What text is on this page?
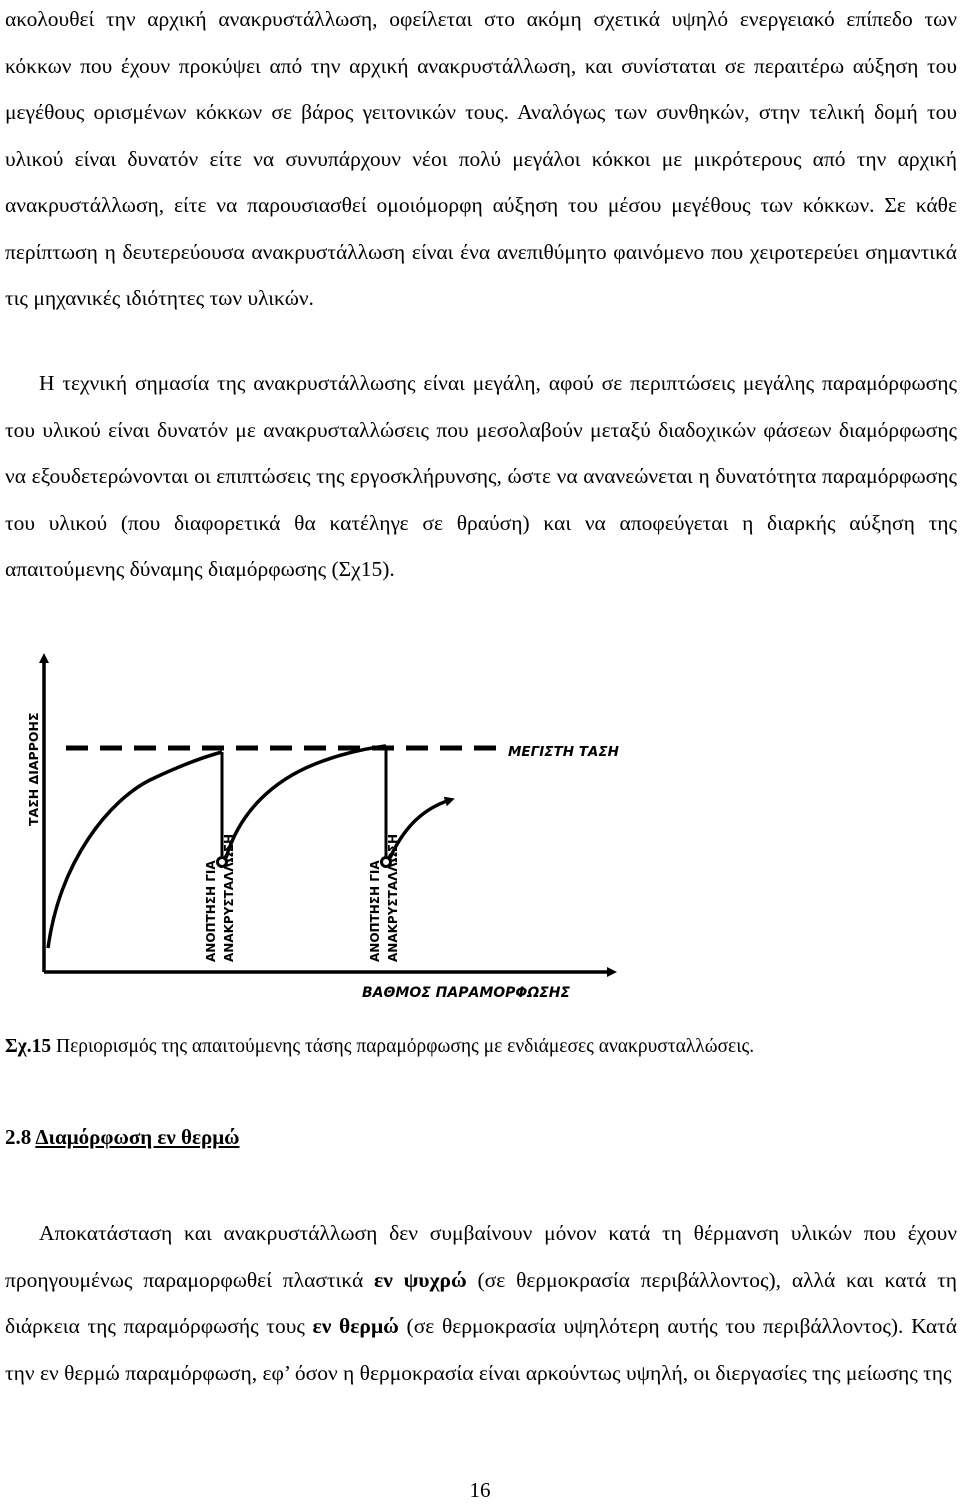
ακολουθεί την αρχική ανακρυστάλλωση, οφείλεται στο ακόμη σχετικά υψηλό ενεργειακό επίπεδο των κόκκων που έχουν προκύψει από την αρχική ανακρυστάλλωση, και συνίσταται σε περαιτέρω αύξηση του μεγέθους ορισμένων κόκκων σε βάρος γειτονικών τους. Αναλόγως των συνθηκών, στην τελική δομή του υλικού είναι δυνατόν είτε να συνυπάρχουν νέοι πολύ μεγάλοι κόκκοι με μικρότερους από την αρχική ανακρυστάλλωση, είτε να παρουσιασθεί ομοιόμορφη αύξηση του μέσου μεγέθους των κόκκων. Σε κάθε περίπτωση η δευτερεύουσα ανακρυστάλλωση είναι ένα ανεπιθύμητο φαινόμενο που χειροτερεύει σημαντικά τις μηχανικές ιδιότητες των υλικών.

Η τεχνική σημασία της ανακρυστάλλωσης είναι μεγάλη, αφού σε περιπτώσεις μεγάλης παραμόρφωσης του υλικού είναι δυνατόν με ανακρυσταλλώσεις που μεσολαβούν μεταξύ διαδοχικών φάσεων διαμόρφωσης να εξουδετερώνονται οι επιπτώσεις της εργοσκλήρυνσης, ώστε να ανανεώνεται η δυνατότητα παραμόρφωσης του υλικού (που διαφορετικά θα κατέληγε σε θραύση) και να αποφεύγεται η διαρκής αύξηση της απαιτούμενης δύναμης διαμόρφωσης (Σχ15).

ΤΑΣΗ ΔΙΑΡΡΟΗΣ	ΜΕΓΙΣΤΗ ΤΑΣΗ
ΑΝΟΠΤΗΣΗ ΓΙΑ ΑΝΑΚΡΥΣΤΑΛΛΩΣΗ	ΑΝΟΠΤΗΣΗ ΓΙΑ ΑΝΑΚΡΥΣΤΑΛΛΩΣΗ
ΒΑΘΜΟΣ ΠΑΡΑΜΟΡΦΩΣΗΣ
Σχ.15 Περιορισμός της απαιτούμενης τάσης παραμόρφωσης με ενδιάμεσες ανακρυσταλλώσεις.
2.8 Διαμόρφωση εν θερμώ

Αποκατάσταση και ανακρυστάλλωση δεν συμβαίνουν μόνον κατά τη θέρμανση υλικών που έχουν προηγουμένως παραμορφωθεί πλαστικά εν ψυχρώ (σε θερμοκρασία περιβάλλοντος), αλλά και κατά τη διάρκεια της παραμόρφωσής τους εν θερμώ (σε θερμοκρασία υψηλότερη αυτής του περιβάλλοντος). Κατά την εν θερμώ παραμόρφωση, εφ’ όσον η θερμοκρασία είναι αρκούντως υψηλή, οι διεργασίες της μείωσης της

16
